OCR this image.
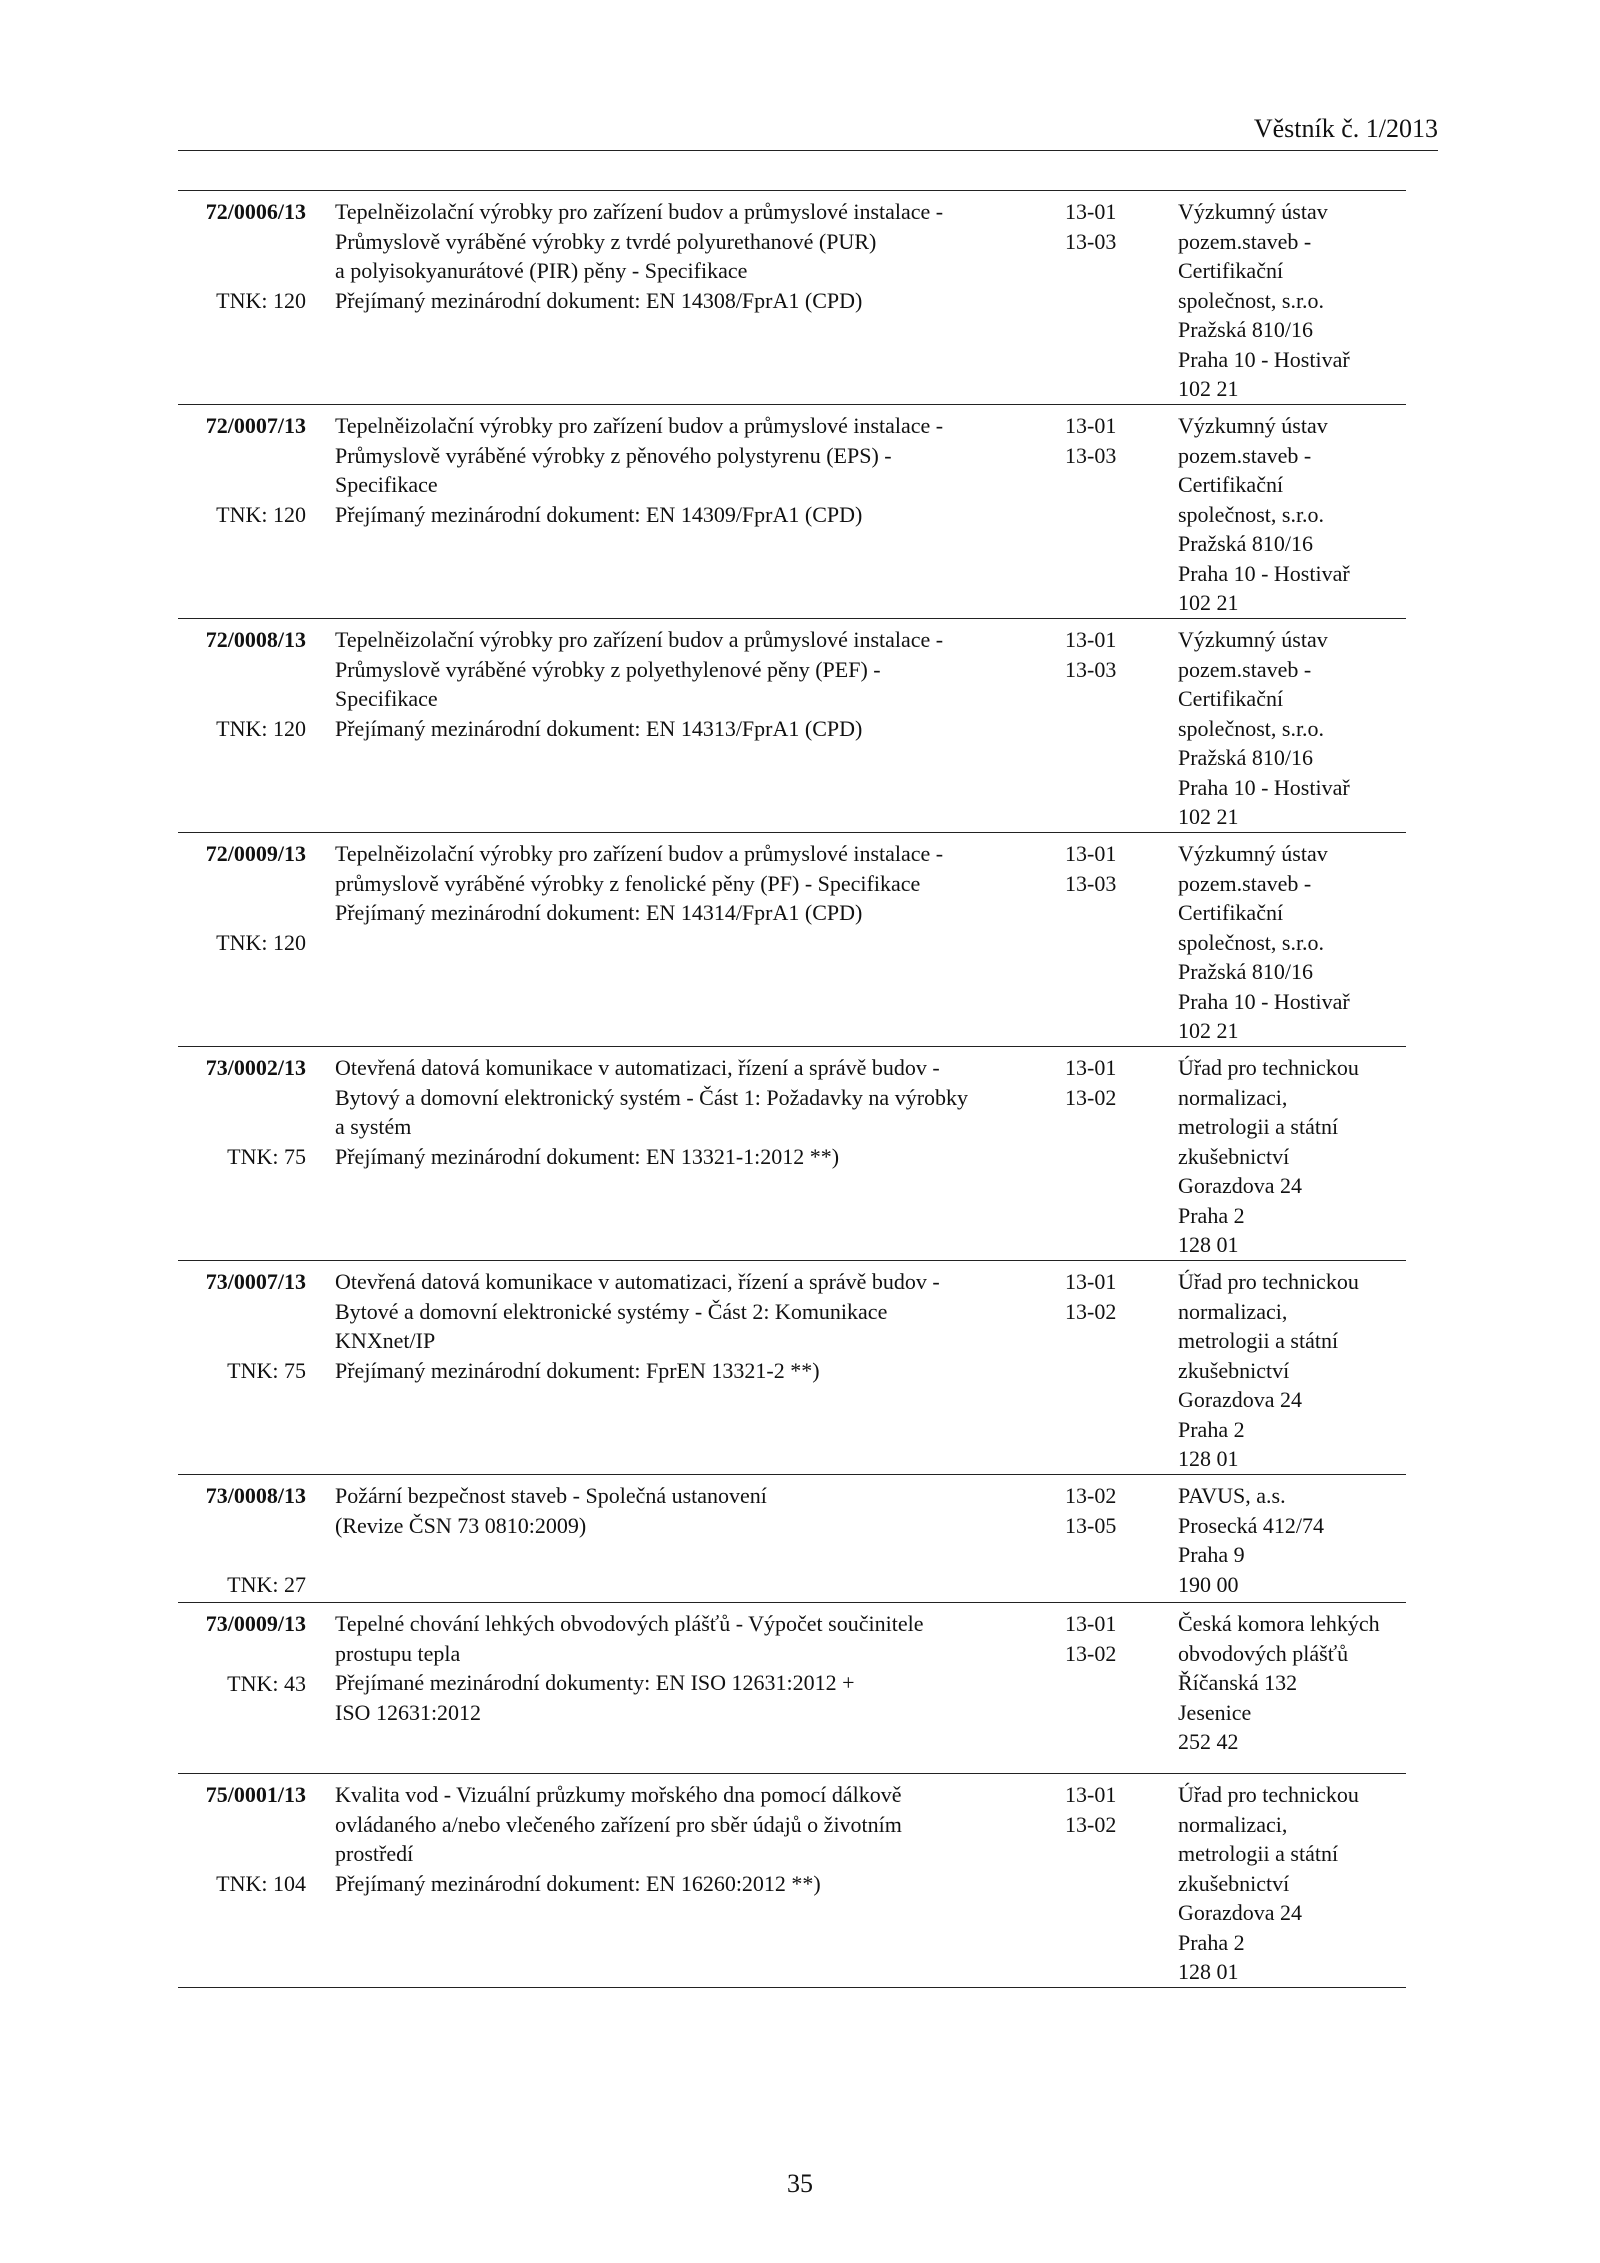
Věstník č. 1/2013
72/0006/13
TNK: 120
Tepelněizolační výrobky pro zařízení budov a průmyslové instalace -
Průmyslově vyráběné výrobky z tvrdé polyurethanové (PUR)
a polyisokyanurátové (PIR) pěny - Specifikace
Přejímaný mezinárodní dokument: EN 14308/FprA1 (CPD)
13-01
13-03
Výzkumný ústav
pozem.staveb -
Certifikační
společnost, s.r.o.
Pražská 810/16
Praha 10 - Hostivař
102 21
72/0007/13
TNK: 120
Tepelněizolační výrobky pro zařízení budov a průmyslové instalace -
Průmyslově vyráběné výrobky z pěnového polystyrenu (EPS) -
Specifikace
Přejímaný mezinárodní dokument: EN 14309/FprA1 (CPD)
13-01
13-03
Výzkumný ústav
pozem.staveb -
Certifikační
společnost, s.r.o.
Pražská 810/16
Praha 10 - Hostivař
102 21
72/0008/13
TNK: 120
Tepelněizolační výrobky pro zařízení budov a průmyslové instalace -
Průmyslově vyráběné výrobky z polyethylenové pěny (PEF) -
Specifikace
Přejímaný mezinárodní dokument: EN 14313/FprA1 (CPD)
13-01
13-03
Výzkumný ústav
pozem.staveb -
Certifikační
společnost, s.r.o.
Pražská 810/16
Praha 10 - Hostivař
102 21
72/0009/13
TNK: 120
Tepelněizolační výrobky pro zařízení budov a průmyslové instalace -
průmyslově vyráběné výrobky z fenolické pěny (PF) - Specifikace
Přejímaný mezinárodní dokument: EN 14314/FprA1 (CPD)
13-01
13-03
Výzkumný ústav
pozem.staveb -
Certifikační
společnost, s.r.o.
Pražská 810/16
Praha 10 - Hostivař
102 21
73/0002/13
TNK: 75
Otevřená datová komunikace v automatizaci, řízení a správě budov -
Bytový a domovní elektronický systém - Část 1: Požadavky na výrobky
a systém
Přejímaný mezinárodní dokument: EN 13321-1:2012 **)
13-01
13-02
Úřad pro technickou
normalizaci,
metrologii a státní
zkušebnictví
Gorazdova 24
Praha 2
128 01
73/0007/13
TNK: 75
Otevřená datová komunikace v automatizaci, řízení a správě budov -
Bytové a domovní elektronické systémy - Část 2: Komunikace
KNXnet/IP
Přejímaný mezinárodní dokument: FprEN 13321-2 **)
13-01
13-02
Úřad pro technickou
normalizaci,
metrologii a státní
zkušebnictví
Gorazdova 24
Praha 2
128 01
73/0008/13
TNK: 27
Požární bezpečnost staveb - Společná ustanovení
(Revize ČSN 73 0810:2009)
13-02
13-05
PAVUS, a.s.
Prosecká 412/74
Praha 9
190 00
73/0009/13
TNK: 43
Tepelné chování lehkých obvodových plášťů - Výpočet součinitele
prostupu tepla
Přejímané mezinárodní dokumenty: EN ISO 12631:2012 +
ISO 12631:2012
13-01
13-02
Česká komora lehkých
obvodových plášťů
Říčanská 132
Jesenice
252 42
75/0001/13
TNK: 104
Kvalita vod - Vizuální průzkumy mořského dna pomocí dálkově
ovládaného a/nebo vlečeného zařízení pro sběr údajů o životním
prostředí
Přejímaný mezinárodní dokument: EN 16260:2012 **)
13-01
13-02
Úřad pro technickou
normalizaci,
metrologii a státní
zkušebnictví
Gorazdova 24
Praha 2
128 01
35
